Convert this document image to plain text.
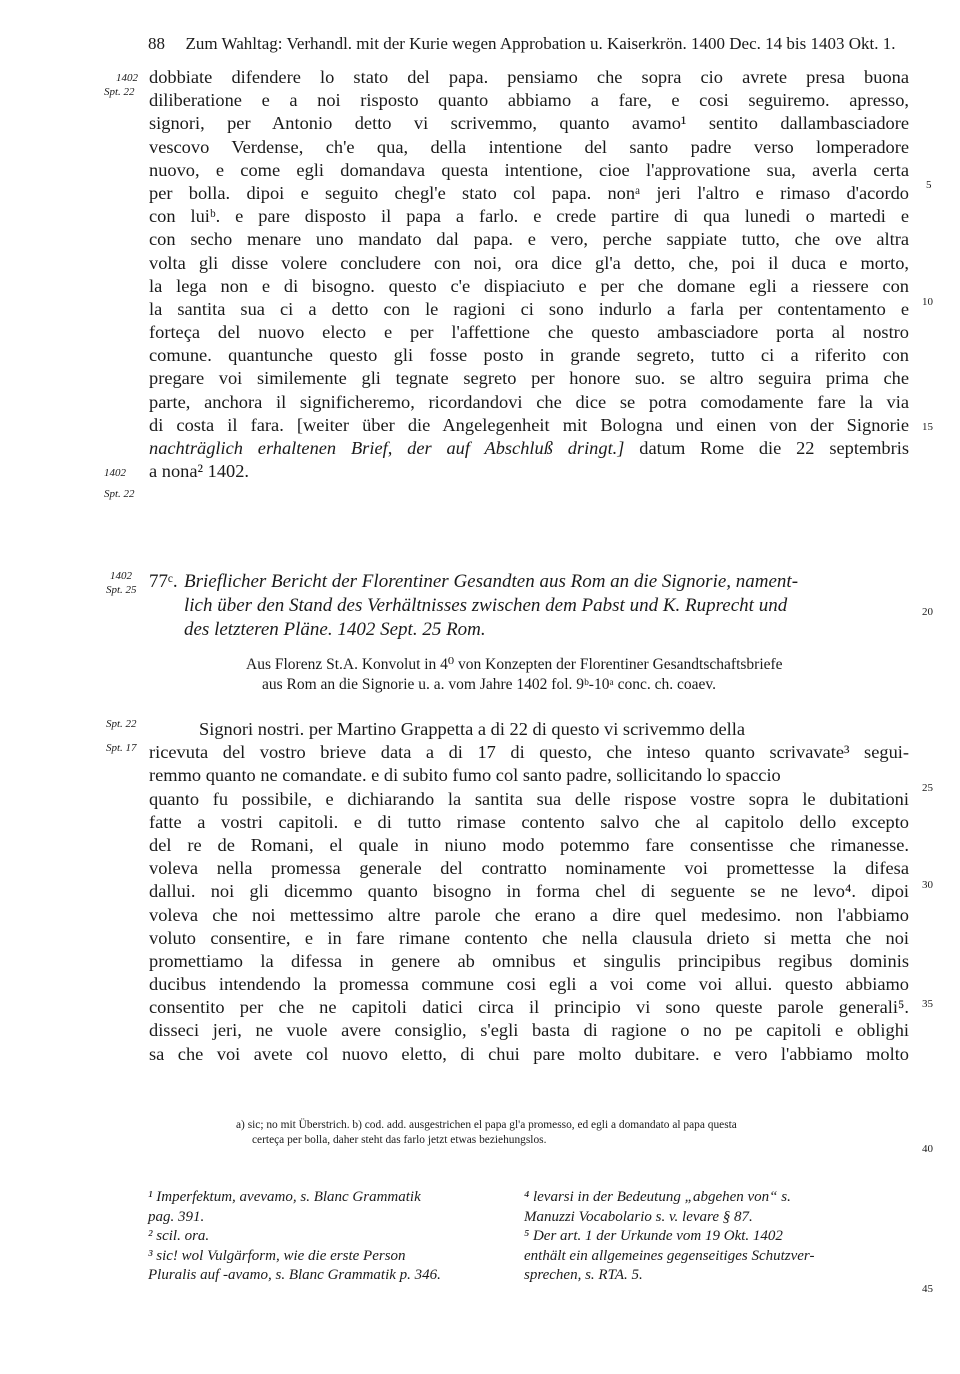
88 Zum Wahltag: Verhandl. mit der Kurie wegen Approbation u. Kaiserkrön. 1400 Dec. 14 bis 1403 Okt. 1.
1402
Spt. 22
1402
Spt. 22
1402
Spt. 25
Spt. 22
Spt. 17
5
10
15
20
25
30
35
40
45
dobbiate difendere lo stato del papa. pensiamo che sopra cio avrete presa buona
diliberatione e a noi risposto quanto abbiamo a fare, e cosi seguiremo. apresso,
signori, per Antonio detto vi scrivemmo, quanto avamo¹ sentito dallambasciadore
vescovo Verdense, ch'e qua, della intentione del santo padre verso lomperadore
nuovo, e come egli domandava questa intentione, cioe l'approvatione sua, averla certa
per bolla. dipoi e seguito chegl'e stato col papa. nonᵃ jeri l'altro e rimaso d'acordo
con luiᵇ. e pare disposto il papa a farlo. e crede partire di qua lunedi o martedi e
con secho menare uno mandato dal papa. e vero, perche sappiate tutto, che ove altra
volta gli disse volere concludere con noi, ora dice gl'a detto, che, poi il duca e morto,
la lega non e di bisogno. questo c'e dispiaciuto e per che domane egli a riessere con
la santita sua ci a detto con le ragioni ci sono indurlo a farla per contentamento e
forteça del nuovo electo e per l'affettione che questo ambasciadore porta al nostro
comune. quantunche questo gli fosse posto in grande segreto, tutto ci a riferito con
pregare voi similemente gli tegnate segreto per honore suo. se altro seguira prima che
parte, anchora il significheremo, ricordandovi che dice se potra comodamente fare la via
di costa il fara. [weiter über die Angelegenheit mit Bologna und einen von der Signorie
nachträglich erhaltenen Brief, der auf Abschluß dringt.] datum Rome die 22 septembris
a nona² 1402.
77ᶜ. Brieflicher Bericht der Florentiner Gesandten aus Rom an die Signorie, nament-
lich über den Stand des Verhältnisses zwischen dem Pabst und K. Ruprecht und
des letzteren Pläne. 1402 Sept. 25 Rom.
Aus Florenz St.A. Konvolut in 4⁰ von Konzepten der Florentiner Gesandtschaftsbriefe
aus Rom an die Signorie u. a. vom Jahre 1402 fol. 9ᵇ-10ᵃ conc. ch. coaev.
Signori nostri. per Martino Grappetta a di 22 di questo vi scrivemmo della
ricevuta del vostro brieve data a di 17 di questo, che inteso quanto scrivavate³ segui-
remmo quanto ne comandate. e di subito fumo col santo padre, sollicitando lo spaccio
quanto fu possibile, e dichiarando la santita sua delle rispose vostre sopra le dubitationi
fatte a vostri capitoli. e di tutto rimase contento salvo che al capitolo dello excepto
del re de Romani, el quale in niuno modo potemmo fare consentisse che rimanesse.
voleva nella promessa generale del contratto nominamente voi promettesse la difesa
dallui. noi gli dicemmo quanto bisogno in forma chel di seguente se ne levo⁴. dipoi
voleva che noi mettessimo altre parole che erano a dire quel medesimo. non l'abbiamo
voluto consentire, e in fare rimane contento che nella clausula drieto si metta che noi
promettiamo la difessa in genere ab omnibus et singulis principibus regibus dominis
ducibus intendendo la promessa commune cosi egli a voi come voi allui. questo abbiamo
consentito per che ne capitoli datici circa il principio vi sono queste parole generali⁵.
disseci jeri, ne vuole avere consiglio, s'egli basta di ragione o no pe capitoli e oblighi
sa che voi avete col nuovo eletto, di chui pare molto dubitare. e vero l'abbiamo molto
a) sic; no mit Überstrich. b) cod. add. ausgestrichen el papa gl'a promesso, ed egli a domandato al papa questa
certeça per bolla, daher steht das farlo jetzt etwas beziehungslos.
¹ Imperfektum, avevamo, s. Blanc Grammatik
pag. 391.
² scil. ora.
³ sic! wol Vulgärform, wie die erste Person
Pluralis auf -avamo, s. Blanc Grammatik p. 346.
⁴ levarsi in der Bedeutung „abgehen von“ s.
Manuzzi Vocabolario s. v. levare § 87.
⁵ Der art. 1 der Urkunde vom 19 Okt. 1402
enthält ein allgemeines gegenseitiges Schutzver-
sprechen, s. RTA. 5.
